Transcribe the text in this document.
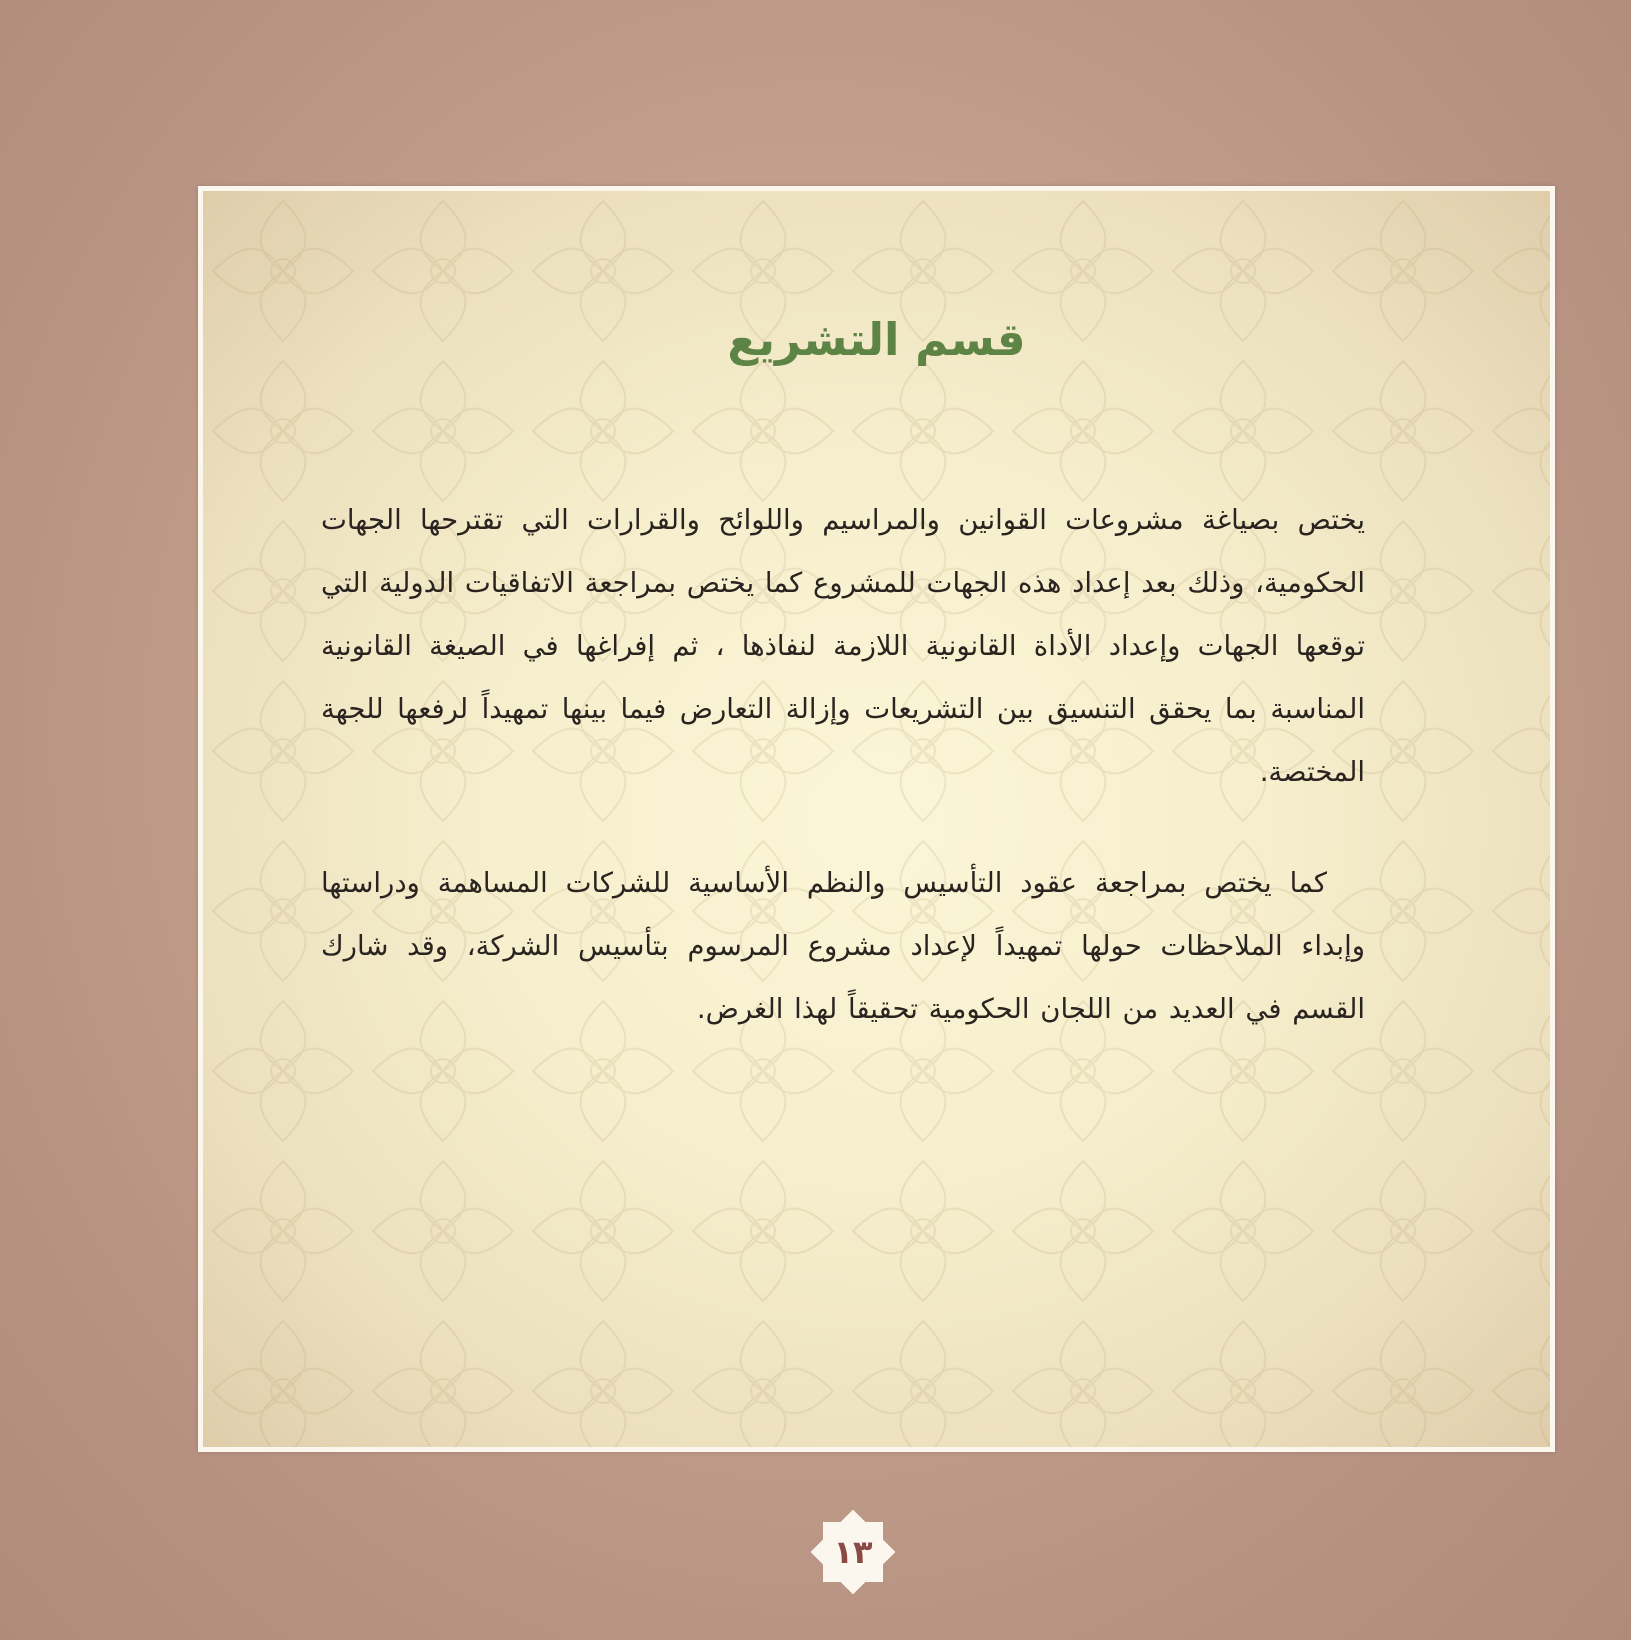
قسم التشريع

يختص بصياغة مشروعات القوانين والمراسيم واللوائح والقرارات التي تقترحها الجهات الحكومية، وذلك بعد إعداد هذه الجهات للمشروع كما يختص بمراجعة الاتفاقيات الدولية التي توقعها الجهات وإعداد الأداة القانونية اللازمة لنفاذها ، ثم إفراغها في الصيغة القانونية المناسبة بما يحقق التنسيق بين التشريعات وإزالة التعارض فيما بينها تمهيداً لرفعها للجهة المختصة.

كما يختص بمراجعة عقود التأسيس والنظم الأساسية للشركات المساهمة ودراستها وإبداء الملاحظات حولها تمهيداً لإعداد مشروع المرسوم بتأسيس الشركة، وقد شارك القسم في العديد من اللجان الحكومية تحقيقاً لهذا الغرض.

١٣
